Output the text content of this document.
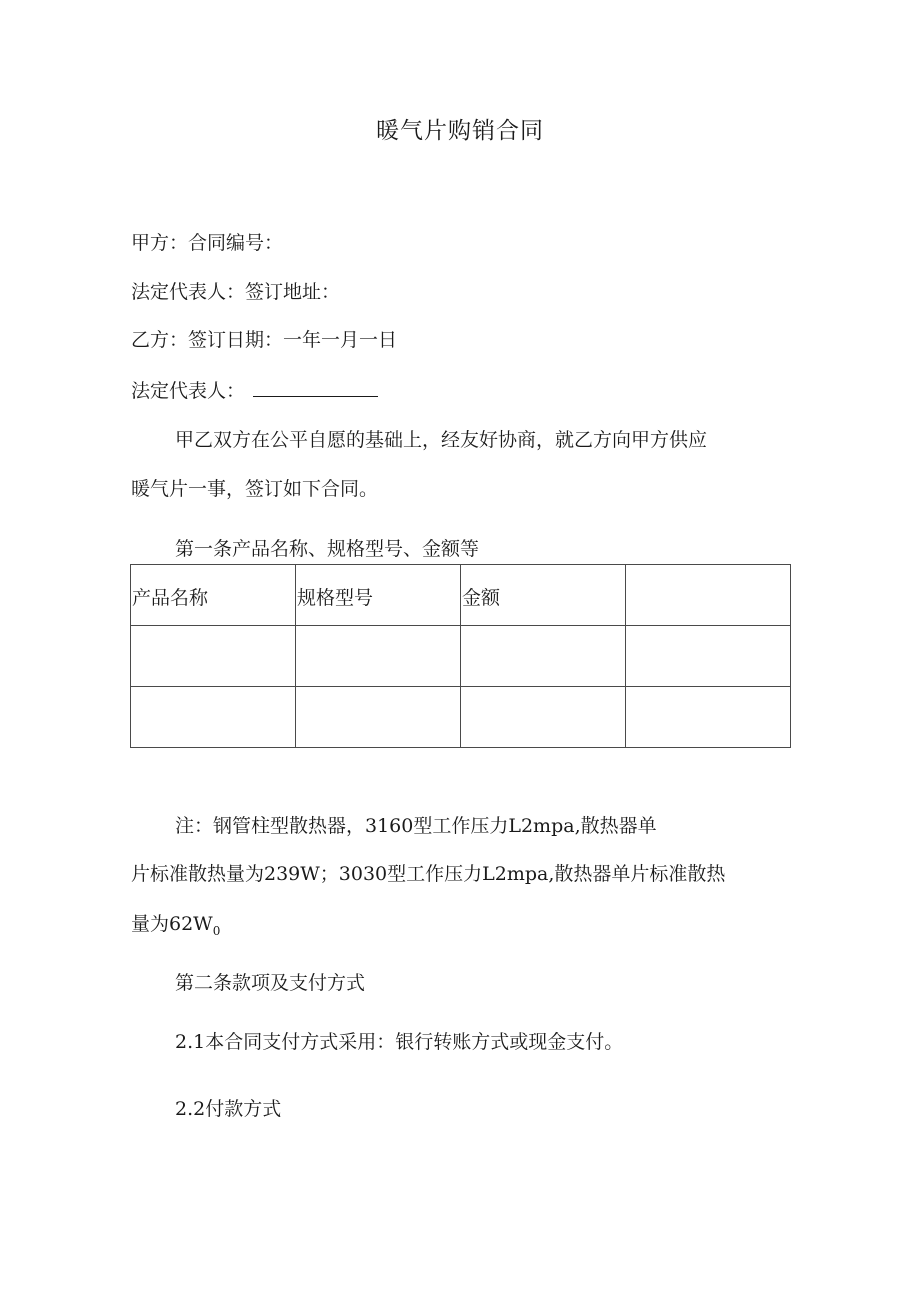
暖气片购销合同
甲方：合同编号：
法定代表人：签订地址：
乙方：签订日期：一年一月一日
法定代表人：
甲乙双方在公平自愿的基础上，经友好协商，就乙方向甲方供应
暖气片一事，签订如下合同。
第一条产品名称、规格型号、金额等
产品名称	规格型号	金额	

注：钢管柱型散热器，3160型工作压力L2mpa,散热器单
片标准散热量为239W；3030型工作压力L2mpa,散热器单片标准散热
量为$62W_0$
第二条款项及支付方式
2.1本合同支付方式采用：银行转账方式或现金支付。
2.2付款方式
